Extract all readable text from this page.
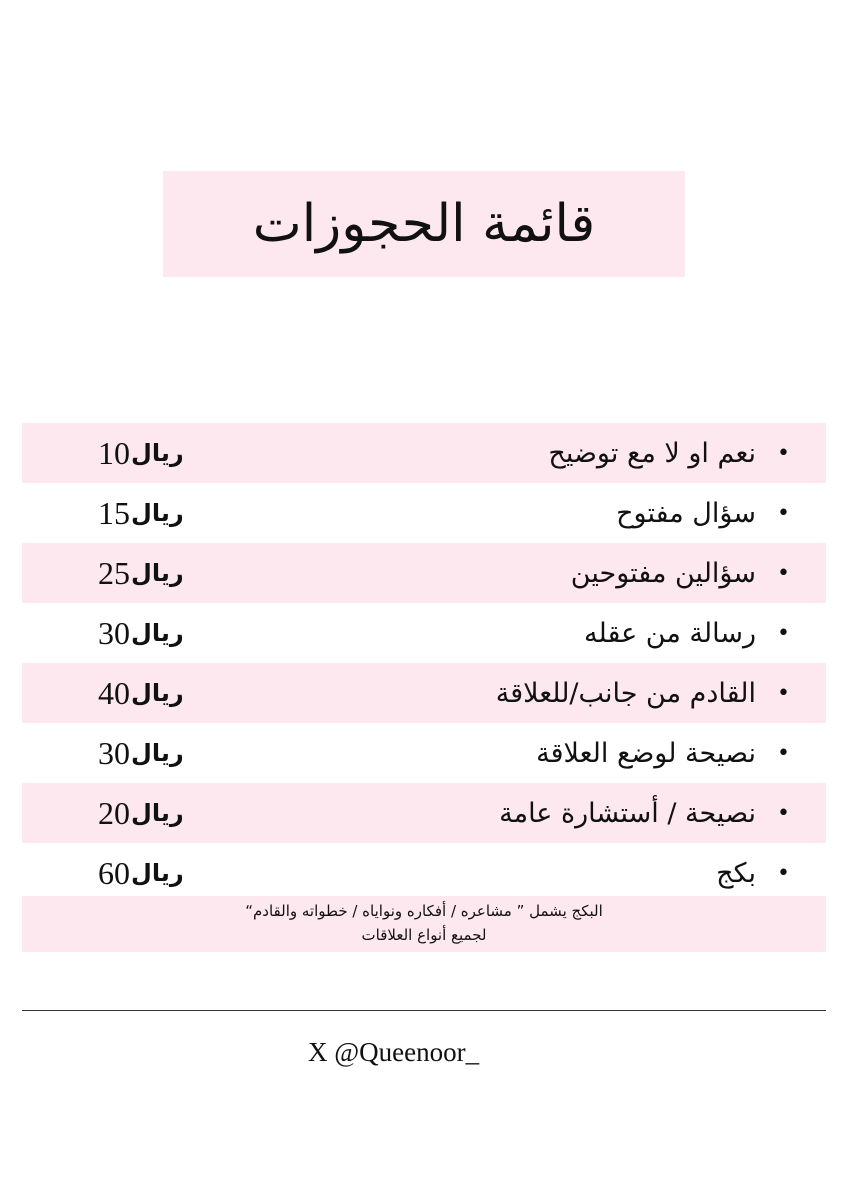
قائمة الحجوزات
•
نعم او لا مع توضيح
10 ريال
•
سؤال مفتوح
15 ريال
•
سؤالين مفتوحين
25 ريال
•
رسالة من عقله
30 ريال
•
القادم من جانب/للعلاقة
40 ريال
•
نصيحة لوضع العلاقة
30 ريال
•
نصيحة / أستشارة عامة
20 ريال
•
بكج
60 ريال
البكج يشمل ” مشاعره / أفكاره ونواياه / خطواته والقادم“
لجميع أنواع العلاقات
X @Queenoor_
